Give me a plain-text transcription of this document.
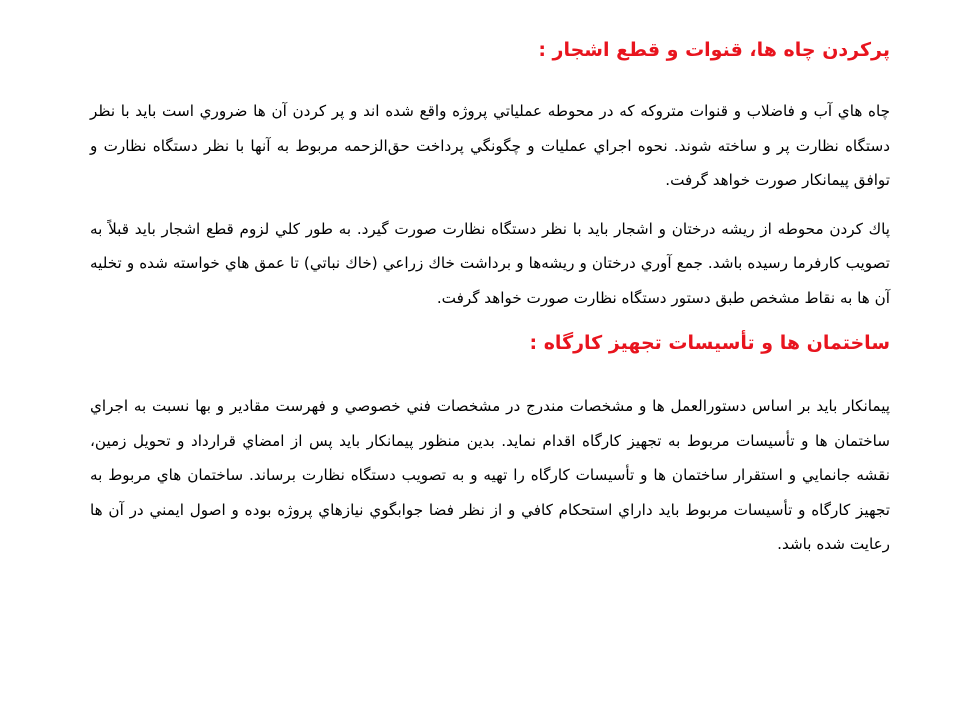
پرکردن چاه ها، قنوات و قطع اشجار :

چاه هاي آب و فاضلاب و قنوات متروکه که در محوطه عملياتي پروژه واقع شده اند و پر کردن آن ها ضروري است بايد با نظر دستگاه نظارت پر و ساخته شوند. نحوه اجراي عمليات و چگونگي پرداخت حق‌الزحمه مربوط به آنها با نظر دستگاه نظارت و توافق پيمانکار صورت خواهد گرفت.

پاك كردن محوطه از ريشه درختان و اشجار بايد با نظر دستگاه نظارت صورت گيرد. به طور كلي لزوم قطع اشجار بايد قبلاً به تصويب كارفرما رسيده باشد. جمع آوري درختان و ريشه‌ها و برداشت خاك زراعي (خاك نباتي) تا عمق هاي خواسته شده و تخليه آن ها به نقاط مشخص طبق دستور دستگاه نظارت صورت خواهد گرفت.

ساختمان ها و تأسيسات تجهيز كارگاه :

پيمانکار بايد بر اساس دستورالعمل ها و مشخصات مندرج در مشخصات فني خصوصي و فهرست مقادير و بها نسبت به اجراي ساختمان ها و تأسيسات مربوط به تجهيز كارگاه اقدام نمايد. بدين منظور پيمانکار بايد پس از امضاي قرارداد و تحويل زمين، نقشه جانمايي و استقرار ساختمان ها و تأسيسات كارگاه را تهيه و به تصويب دستگاه نظارت برساند. ساختمان هاي مربوط به تجهيز كارگاه و تأسيسات مربوط بايد داراي استحكام كافي و از نظر فضا جوابگوي نيازهاي پروژه بوده و اصول ايمني در آن ها رعايت شده باشد.
